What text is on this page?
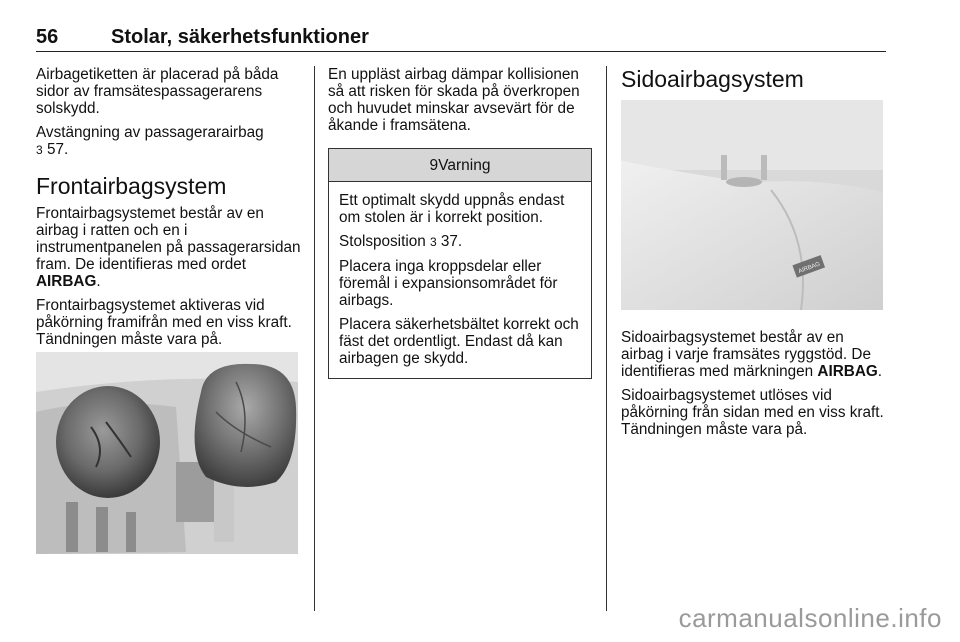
56	Stolar, säkerhetsfunktioner

Airbagetiketten är placerad på båda sidor av framsätespassagerarens solskydd.

Avstängning av passagerarairbag
3 57.

Frontairbagsystem

Frontairbagsystemet består av en airbag i ratten och en i instrumentpanelen på passagerarsidan fram. De identifieras med ordet AIRBAG.

Frontairbagsystemet aktiveras vid påkörning framifrån med en viss kraft. Tändningen måste vara på.

En uppläst airbag dämpar kollisionen så att risken för skada på överkropen och huvudet minskar avsevärt för de åkande i framsätena.

9Varning

Ett optimalt skydd uppnås endast om stolen är i korrekt position.

Stolsposition 3 37.

Placera inga kroppsdelar eller föremål i expansionsområdet för airbags.

Placera säkerhetsbältet korrekt och fäst det ordentligt. Endast då kan airbagen ge skydd.

Sidoairbagsystem
AIRBAG

Sidoairbagsystemet består av en airbag i varje framsätes ryggstöd. De identifieras med märkningen AIRBAG.

Sidoairbagsystemet utlöses vid påkörning från sidan med en viss kraft. Tändningen måste vara på.

carmanualsonline.info
